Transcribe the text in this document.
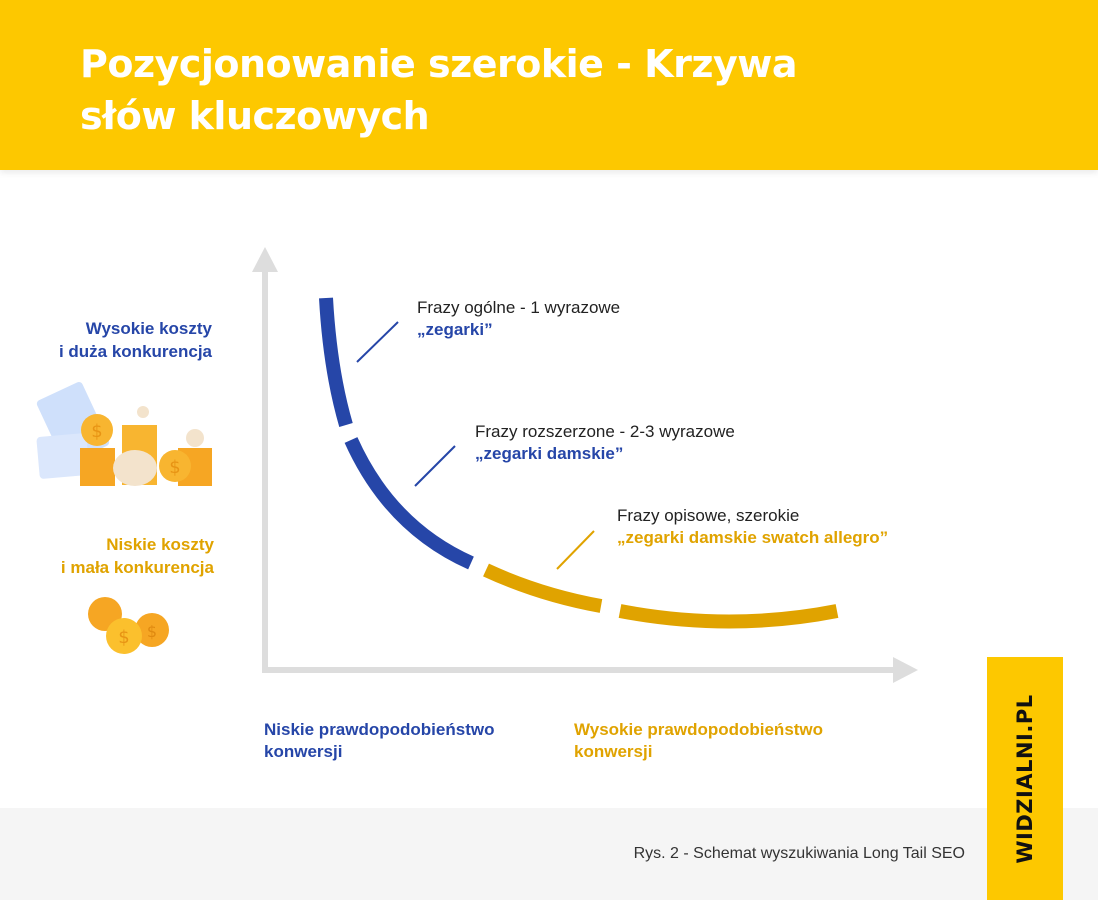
Pozycjonowanie szerokie - Krzywa słów kluczowych
$
$
$ $
Wysokie koszty
i duża konkurencja
Niskie koszty
i mała konkurencja
Frazy ogólne - 1 wyrazowe
„zegarki”
Frazy rozszerzone - 2-3 wyrazowe
„zegarki damskie”
Frazy opisowe, szerokie
„zegarki damskie swatch allegro”
Niskie prawdopodobieństwo
konwersji
Wysokie prawdopodobieństwo
konwersji
Rys. 2 - Schemat wyszukiwania Long Tail SEO WIDZIALNI.PL
